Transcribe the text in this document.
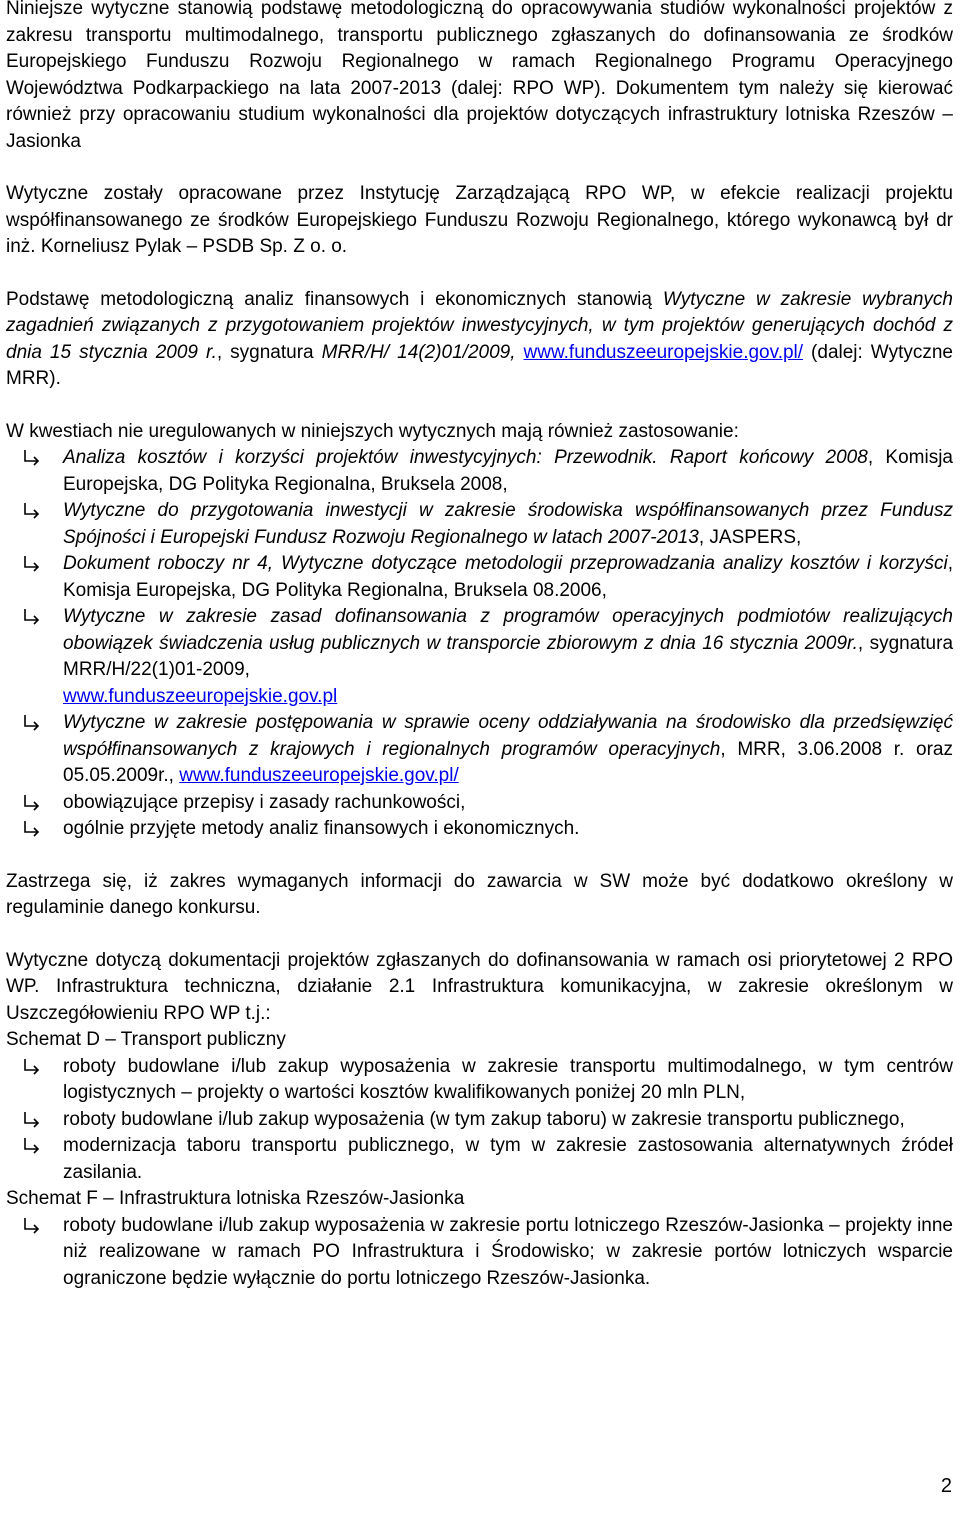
Niniejsze wytyczne stanowią podstawę metodologiczną do opracowywania studiów wykonalności projektów z zakresu transportu multimodalnego, transportu publicznego zgłaszanych do dofinansowania ze środków Europejskiego Funduszu Rozwoju Regionalnego w ramach Regionalnego Programu Operacyjnego Województwa Podkarpackiego na lata 2007-2013 (dalej: RPO WP). Dokumentem tym należy się kierować również przy opracowaniu studium wykonalności dla projektów dotyczących infrastruktury lotniska Rzeszów – Jasionka

Wytyczne zostały opracowane przez Instytucję Zarządzającą RPO WP, w efekcie realizacji projektu współfinansowanego ze środków Europejskiego Funduszu Rozwoju Regionalnego, którego wykonawcą był dr inż. Korneliusz Pylak – PSDB Sp. Z o. o.

Podstawę metodologiczną analiz finansowych i ekonomicznych stanowią Wytyczne w zakresie wybranych zagadnień związanych z przygotowaniem projektów inwestycyjnych, w tym projektów generujących dochód z dnia 15 stycznia 2009 r., sygnatura MRR/H/ 14(2)01/2009, www.funduszeeuropejskie.gov.pl/ (dalej: Wytyczne MRR).

W kwestiach nie uregulowanych w niniejszych wytycznych mają również zastosowanie:

Analiza kosztów i korzyści projektów inwestycyjnych: Przewodnik. Raport końcowy 2008, Komisja Europejska, DG Polityka Regionalna, Bruksela 2008,
Wytyczne do przygotowania inwestycji w zakresie środowiska współfinansowanych przez Fundusz Spójności i Europejski Fundusz Rozwoju Regionalnego w latach 2007-2013, JASPERS,
Dokument roboczy nr 4, Wytyczne dotyczące metodologii przeprowadzania analizy kosztów i korzyści, Komisja Europejska, DG Polityka Regionalna, Bruksela 08.2006,
Wytyczne w zakresie zasad dofinansowania z programów operacyjnych podmiotów realizujących obowiązek świadczenia usług publicznych w transporcie zbiorowym z dnia 16 stycznia 2009r., sygnatura MRR/H/22(1)01-2009,
www.funduszeeuropejskie.gov.pl
Wytyczne w zakresie postępowania w sprawie oceny oddziaływania na środowisko dla przedsięwzięć współfinansowanych z krajowych i regionalnych programów operacyjnych, MRR, 3.06.2008 r. oraz 05.05.2009r., www.funduszeeuropejskie.gov.pl/
obowiązujące przepisy i zasady rachunkowości,
ogólnie przyjęte metody analiz finansowych i ekonomicznych.

Zastrzega się, iż zakres wymaganych informacji do zawarcia w SW może być dodatkowo określony w regulaminie danego konkursu.

Wytyczne dotyczą dokumentacji projektów zgłaszanych do dofinansowania w ramach osi priorytetowej 2 RPO WP. Infrastruktura techniczna, działanie 2.1 Infrastruktura komunikacyjna, w zakresie określonym w Uszczegółowieniu RPO WP t.j.:

Schemat D – Transport publiczny

roboty budowlane i/lub zakup wyposażenia w zakresie transportu multimodalnego, w tym centrów logistycznych – projekty o wartości kosztów kwalifikowanych poniżej 20 mln PLN,
roboty budowlane i/lub zakup wyposażenia (w tym zakup taboru) w zakresie transportu publicznego,
modernizacja taboru transportu publicznego, w tym w zakresie zastosowania alternatywnych źródeł zasilania.

Schemat F – Infrastruktura lotniska Rzeszów-Jasionka

roboty budowlane i/lub zakup wyposażenia w zakresie portu lotniczego Rzeszów-Jasionka – projekty inne niż realizowane w ramach PO Infrastruktura i Środowisko; w zakresie portów lotniczych wsparcie ograniczone będzie wyłącznie do portu lotniczego Rzeszów-Jasionka.
2
